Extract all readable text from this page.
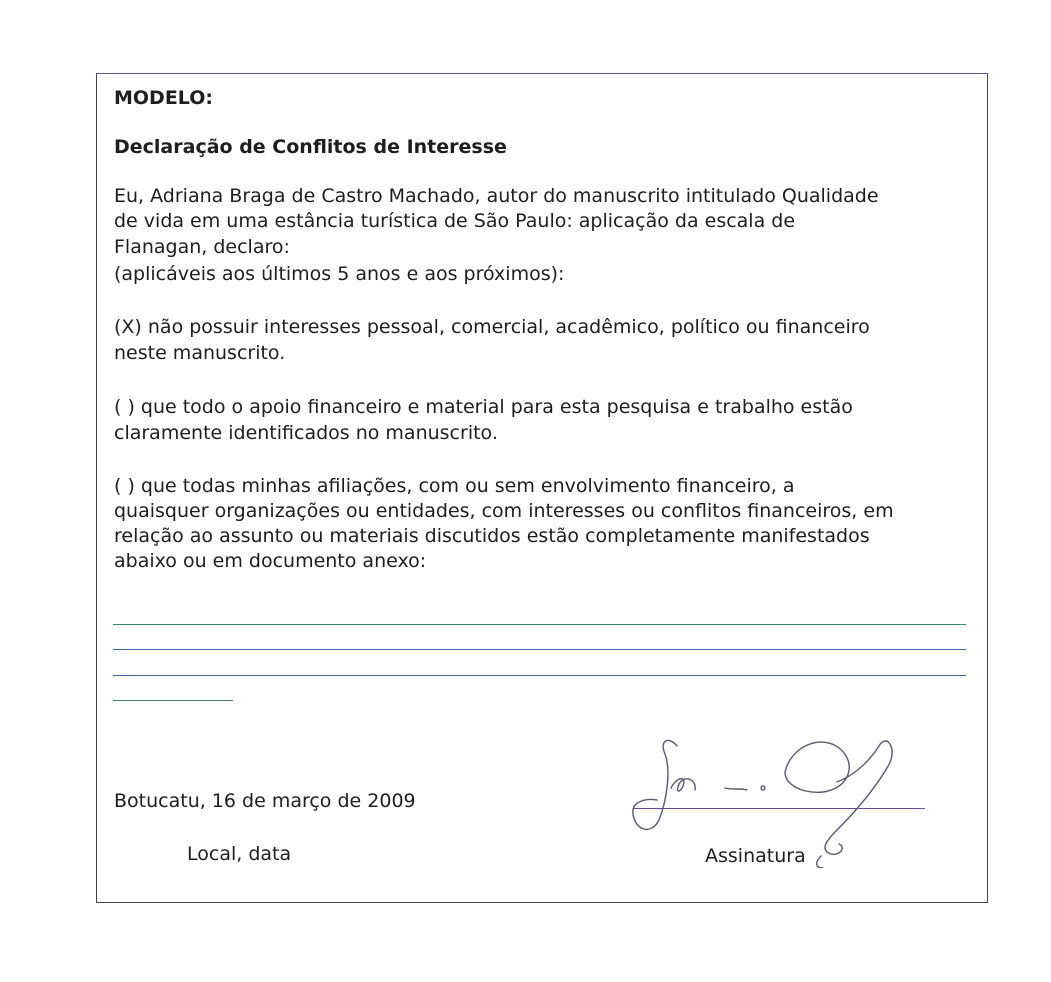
MODELO:
Declaração de Conflitos de Interesse
Eu, Adriana Braga de Castro Machado, autor do manuscrito intitulado Qualidade
de vida em uma estância turística de São Paulo: aplicação da escala de
Flanagan, declaro:
(aplicáveis aos últimos 5 anos e aos próximos):
(X) não possuir interesses pessoal, comercial, acadêmico, político ou financeiro
neste manuscrito.
( ) que todo o apoio financeiro e material para esta pesquisa e trabalho estão
claramente identificados no manuscrito.
( ) que todas minhas afiliações, com ou sem envolvimento financeiro, a
quaisquer organizações ou entidades, com interesses ou conflitos financeiros, em
relação ao assunto ou materiais discutidos estão completamente manifestados
abaixo ou em documento anexo:
Botucatu, 16 de março de 2009
Local, data	Assinatura
